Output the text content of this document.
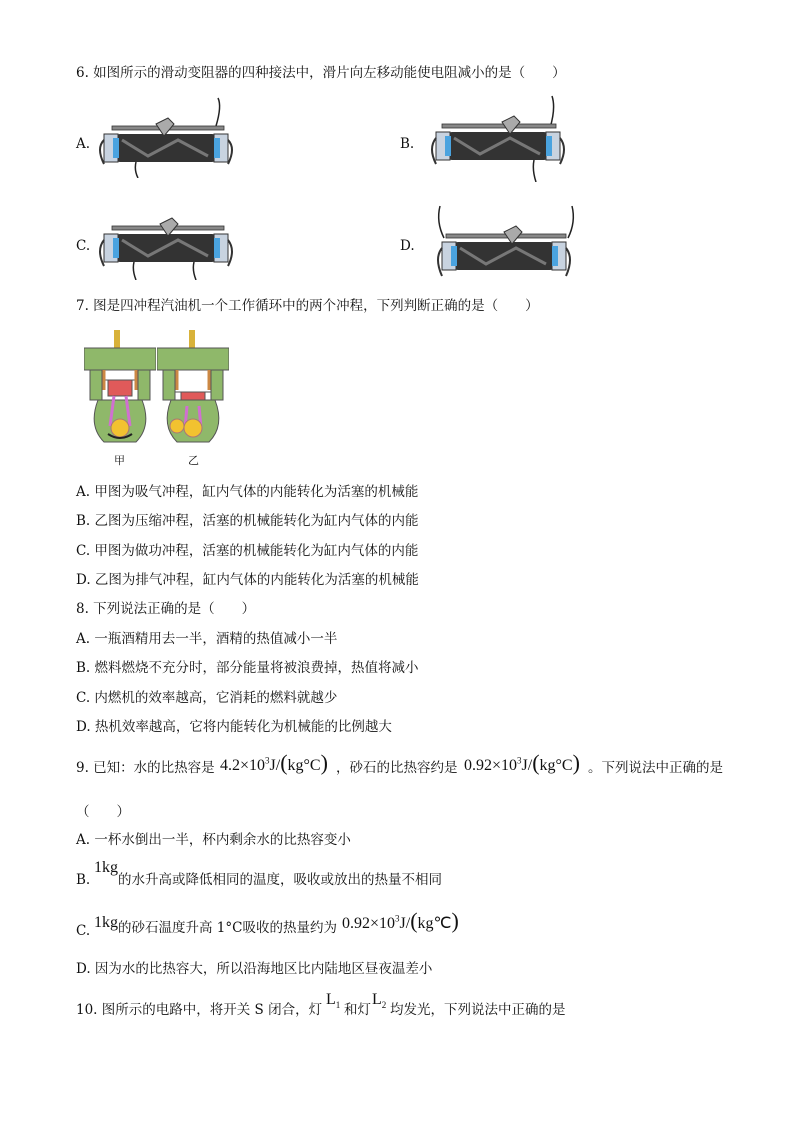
6. 如图所示的滑动变阻器的四种接法中，滑片向左移动能使电阻减小的是（　　）
A.	B.
C.	D.
7. 图是四冲程汽油机一个工作循环中的两个冲程，下列判断正确的是（　　）
甲	乙
A. 甲图为吸气冲程，缸内气体的内能转化为活塞的机械能
B. 乙图为压缩冲程，活塞的机械能转化为缸内气体的内能
C. 甲图为做功冲程，活塞的机械能转化为缸内气体的内能
D. 乙图为排气冲程，缸内气体的内能转化为活塞的机械能
8. 下列说法正确的是（　　）
A. 一瓶酒精用去一半，酒精的热值减小一半
B. 燃料燃烧不充分时，部分能量将被浪费掉，热值将减小
C. 内燃机的效率越高，它消耗的燃料就越少
D. 热机效率越高，它将内能转化为机械能的比例越大
9. 已知：水的比热容是 $4.2\times 10^3J/(kg^\circ C)$ ，砂石的比热容约是 $0.92\times 10^3J/(kg^\circ C)$ 。下列说法中正确的是
（　　）
A. 一杯水倒出一半，杯内剩余水的比热容变小
B.
1kg
的水升高或降低相同的温度，吸收或放出的热量不相同
C. 1kg 的砂石温度升高 1°C吸收的热量约为 $0.92\times 10^3J/(kg℃)$
D. 因为水的比热容大，所以沿海地区比内陆地区昼夜温差小
10. 图所示的电路中，将开关 S 闭合，灯
$L_1$ 和灯
$L_2$ 均发光，下列说法中正确的是
